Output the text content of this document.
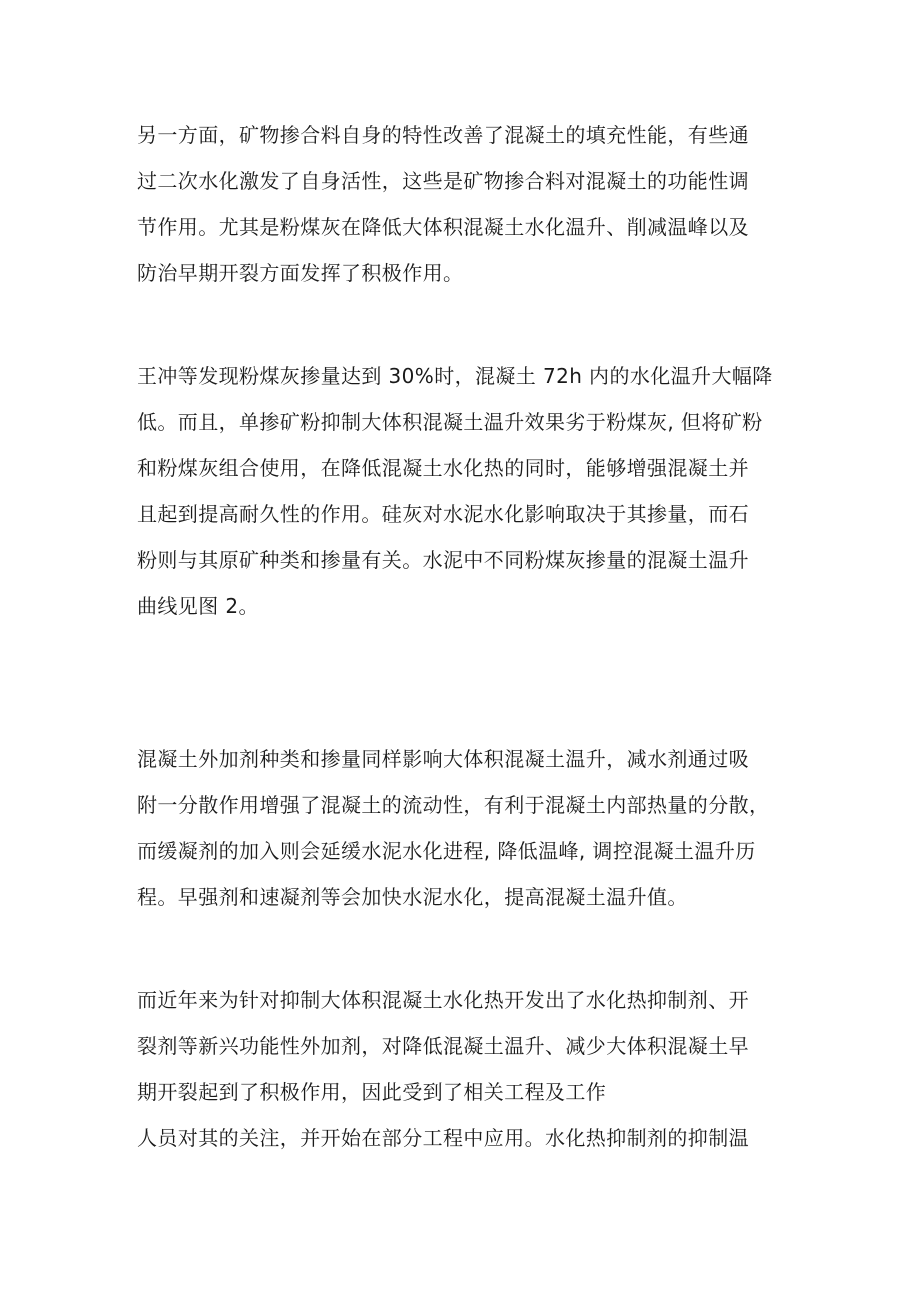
另一方面，矿物掺合料自身的特性改善了混凝土的填充性能，有些通
过二次水化激发了自身活性，这些是矿物掺合料对混凝土的功能性调
节作用。尤其是粉煤灰在降低大体积混凝土水化温升、削减温峰以及
防治早期开裂方面发挥了积极作用。
王冲等发现粉煤灰掺量达到 30%时，混凝土 72h 内的水化温升大幅降
低。而且，单掺矿粉抑制大体积混凝土温升效果劣于粉煤灰, 但将矿粉
和粉煤灰组合使用，在降低混凝土水化热的同时，能够增强混凝土并
且起到提高耐久性的作用。硅灰对水泥水化影响取决于其掺量，而石
粉则与其原矿种类和掺量有关。水泥中不同粉煤灰掺量的混凝土温升
曲线见图 2。
混凝土外加剂种类和掺量同样影响大体积混凝土温升，减水剂通过吸
附一分散作用增强了混凝土的流动性，有利于混凝土内部热量的分散，
而缓凝剂的加入则会延缓水泥水化进程, 降低温峰, 调控混凝土温升历
程。早强剂和速凝剂等会加快水泥水化，提高混凝土温升值。
而近年来为针对抑制大体积混凝土水化热开发出了水化热抑制剂、开
裂剂等新兴功能性外加剂，对降低混凝土温升、减少大体积混凝土早
期开裂起到了积极作用，因此受到了相关工程及工作
人员对其的关注，并开始在部分工程中应用。水化热抑制剂的抑制温
